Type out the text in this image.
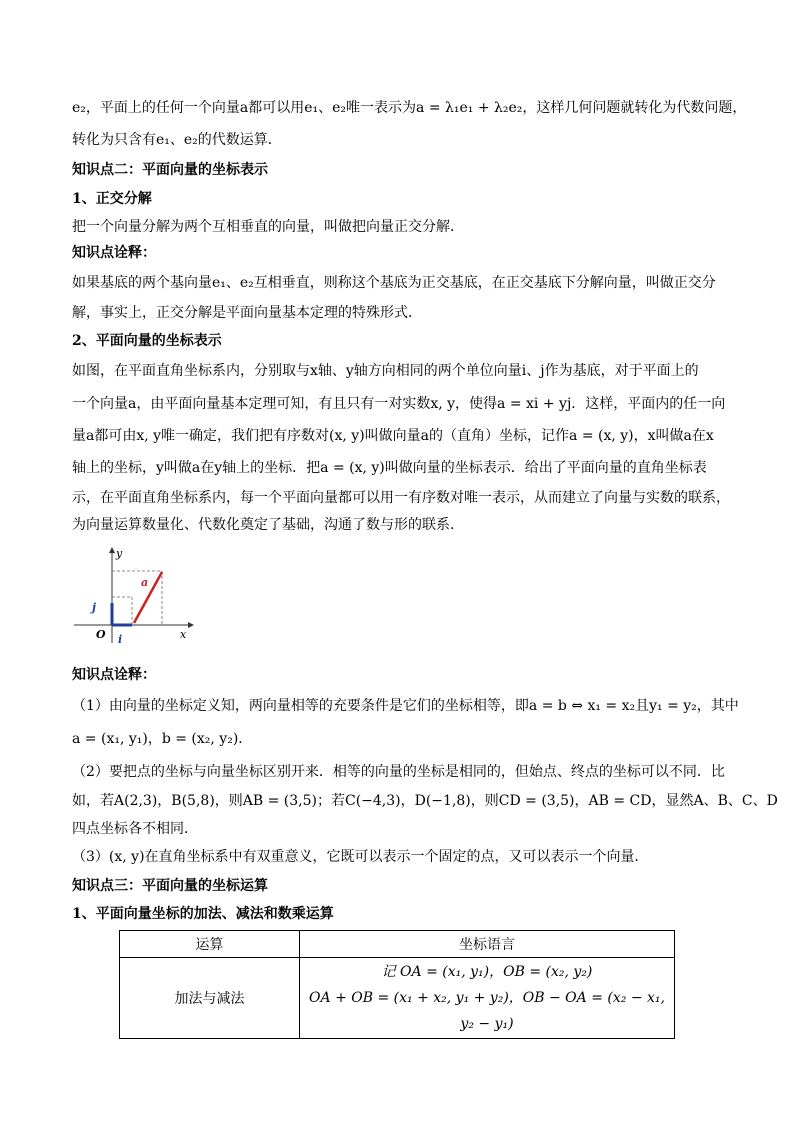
e₂，平面上的任何一个向量a都可以用e₁、e₂唯一表示为a = λ₁e₁ + λ₂e₂，这样几何问题就转化为代数问题，
转化为只含有e₁、e₂的代数运算．
知识点二：平面向量的坐标表示
1、正交分解
把一个向量分解为两个互相垂直的向量，叫做把向量正交分解．
知识点诠释：
如果基底的两个基向量e₁、e₂互相垂直，则称这个基底为正交基底，在正交基底下分解向量，叫做正交分
解，事实上，正交分解是平面向量基本定理的特殊形式．
2、平面向量的坐标表示
如图，在平面直角坐标系内，分别取与x轴、y轴方向相同的两个单位向量i、j作为基底，对于平面上的
一个向量a，由平面向量基本定理可知，有且只有一对实数x, y，使得a = xi + yj．这样，平面内的任一向
量a都可由x, y唯一确定，我们把有序数对(x, y)叫做向量a的（直角）坐标，记作a = (x, y)，x叫做a在x
轴上的坐标，y叫做a在y轴上的坐标．把a = (x, y)叫做向量的坐标表示．给出了平面向量的直角坐标表
示，在平面直角坐标系内，每一个平面向量都可以用一有序数对唯一表示，从而建立了向量与实数的联系，
为向量运算数量化、代数化奠定了基础，沟通了数与形的联系．
y
x
O
a
i
j
知识点诠释：
（1）由向量的坐标定义知，两向量相等的充要条件是它们的坐标相等，即a = b ⇔ x₁ = x₂且y₁ = y₂，其中
a = (x₁, y₁)，b = (x₂, y₂)．
（2）要把点的坐标与向量坐标区别开来．相等的向量的坐标是相同的，但始点、终点的坐标可以不同．比
如，若A(2,3)，B(5,8)，则AB = (3,5)；若C(−4,3)，D(−1,8)，则CD = (3,5)，AB = CD，显然A、B、C、D
四点坐标各不相同．
（3）(x, y)在直角坐标系中有双重意义，它既可以表示一个固定的点，又可以表示一个向量．
知识点三：平面向量的坐标运算
1、平面向量坐标的加法、减法和数乘运算
运算	坐标语言
加法与减法	记 OA = (x₁, y₁)，OB = (x₂, y₂)
OA + OB = (x₁ + x₂, y₁ + y₂)，OB − OA = (x₂ − x₁, y₂ − y₁)
